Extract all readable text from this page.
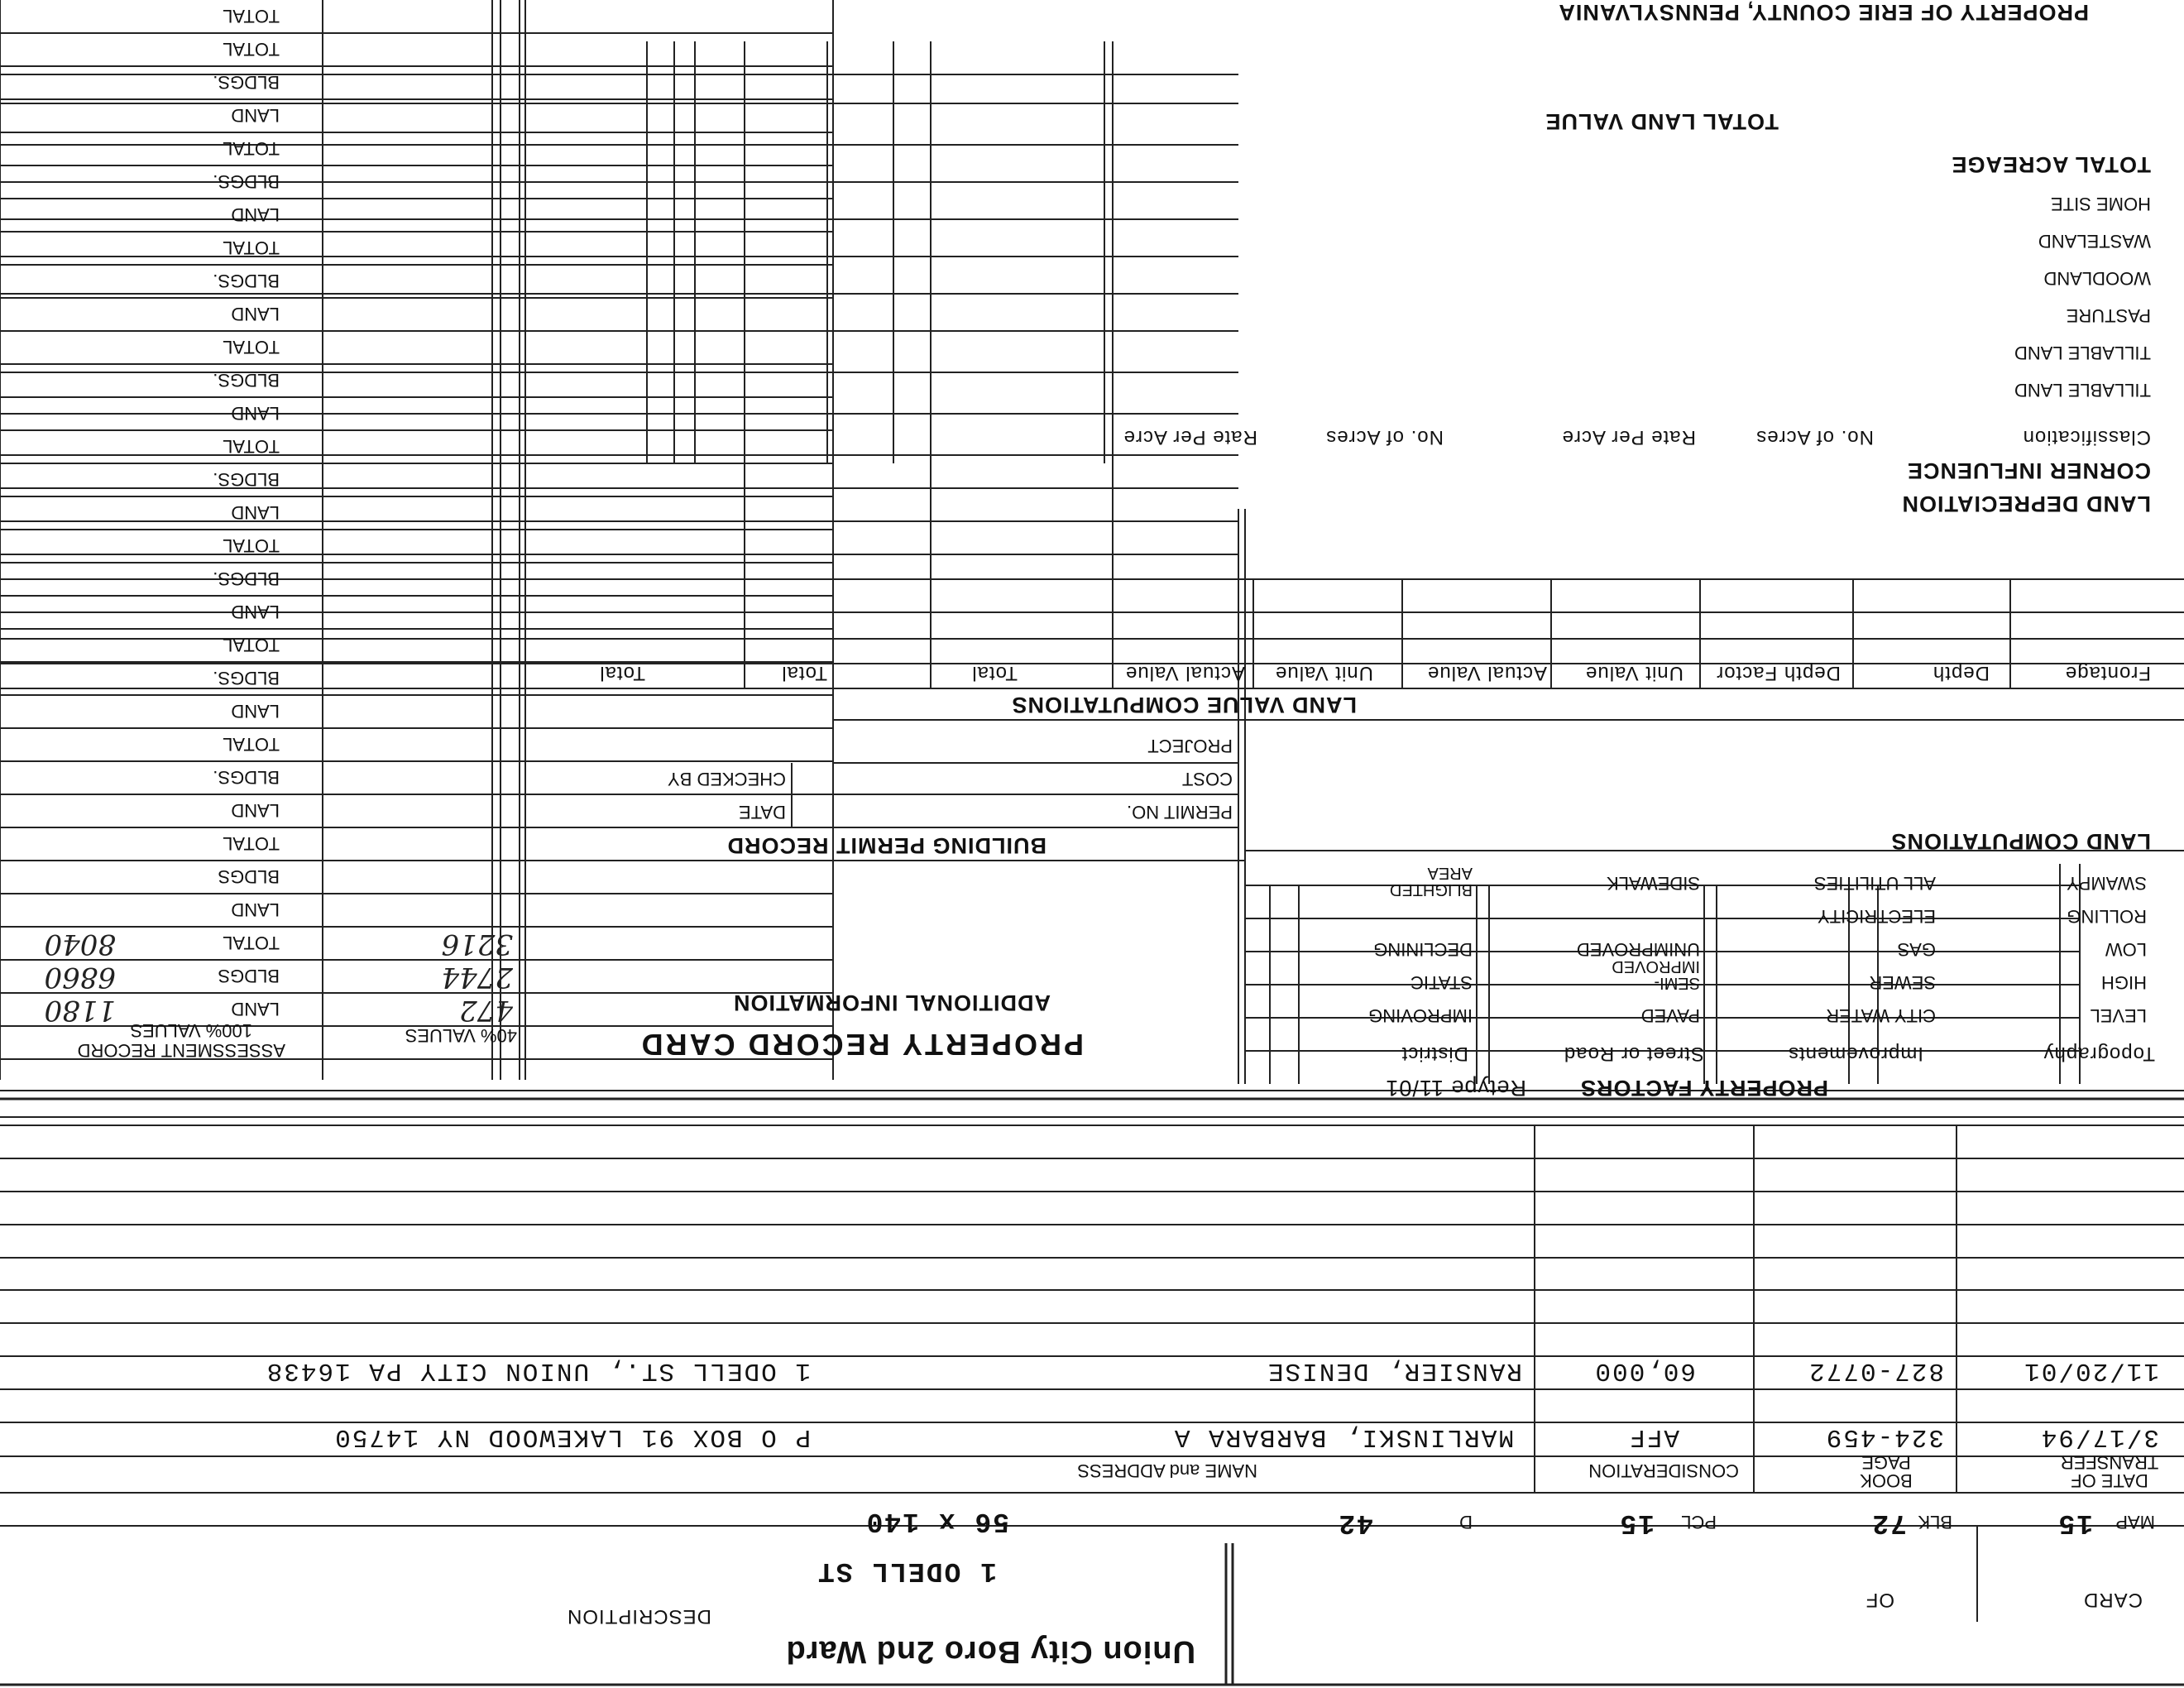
PROPERTY OF ERIE COUNTY, PENNSYLVANIA
Union City Boro 2nd Ward
CARD
OF
DESCRIPTION
1 ODELL ST
56 x 140	MAP
15
BLK
72
PCL
15
D
42
DATE OF TRANSFER
BOOK PAGE
CONSIDERATION
NAME and ADDRESS
3/17/94
324-459
AFF
MARLINSKI, BARBARA A
P O BOX 91 LAKEWOOD NY 14750
11/20/01
827-0772
60,000
RANSIER, DENISE
1 ODELL ST., UNION CITY PA 16438
PROPERTY FACTORS
Retype 11/01
Topography
Improvements
Street or Road
District
LEVEL
HIGH
LOW
ROLLING
SWAMPY
CITY WATER
SEWER
GAS
ELECTRICITY
ALL UTILITIES
PAVED
SEMI-IMPROVED
UNIMPROVED
SIDEWALK
IMPROVING
STATIC
DECLINING
BLIGHTED AREA
PROPERTY RECORD CARD
ADDITIONAL INFORMATION
BUILDING PERMIT RECORD
PERMIT NO.
DATE
COST
CHECKED BY
PROJECT
LAND COMPUTATIONS
LAND VALUE COMPUTATIONS
Frontage
Depth
Depth Factor
Unit Value
Actual Value
Unit Value
Actual Value
Total
Total
Total
LAND DEPRECIATION
CORNER INFLUENCE
Classification
No. of Acres
Rate Per Acre
No. of Acres
Rate Per Acre
TILLABLE LAND
TILLABLE LAND
PASTURE
WOODLAND
WASTELAND
HOME SITE
TOTAL ACREAGE
TOTAL LAND VALUE
40% VALUES
ASSESSMENT RECORD
100% VALUES
LAND
BLDGS
TOTAL
LAND
BLDGS
TOTAL
LAND
BLDGS.
TOTAL
LAND
BLDGS.
TOTAL
LAND
BLDGS.
TOTAL
LAND
BLDGS.
TOTAL
LAND
BLDGS.
TOTAL
LAND
BLDGS.
TOTAL
LAND
BLDGS.
TOTAL
LAND
BLDGS.
TOTAL
TOTAL
472
2744
3216
1180
6860
8040
